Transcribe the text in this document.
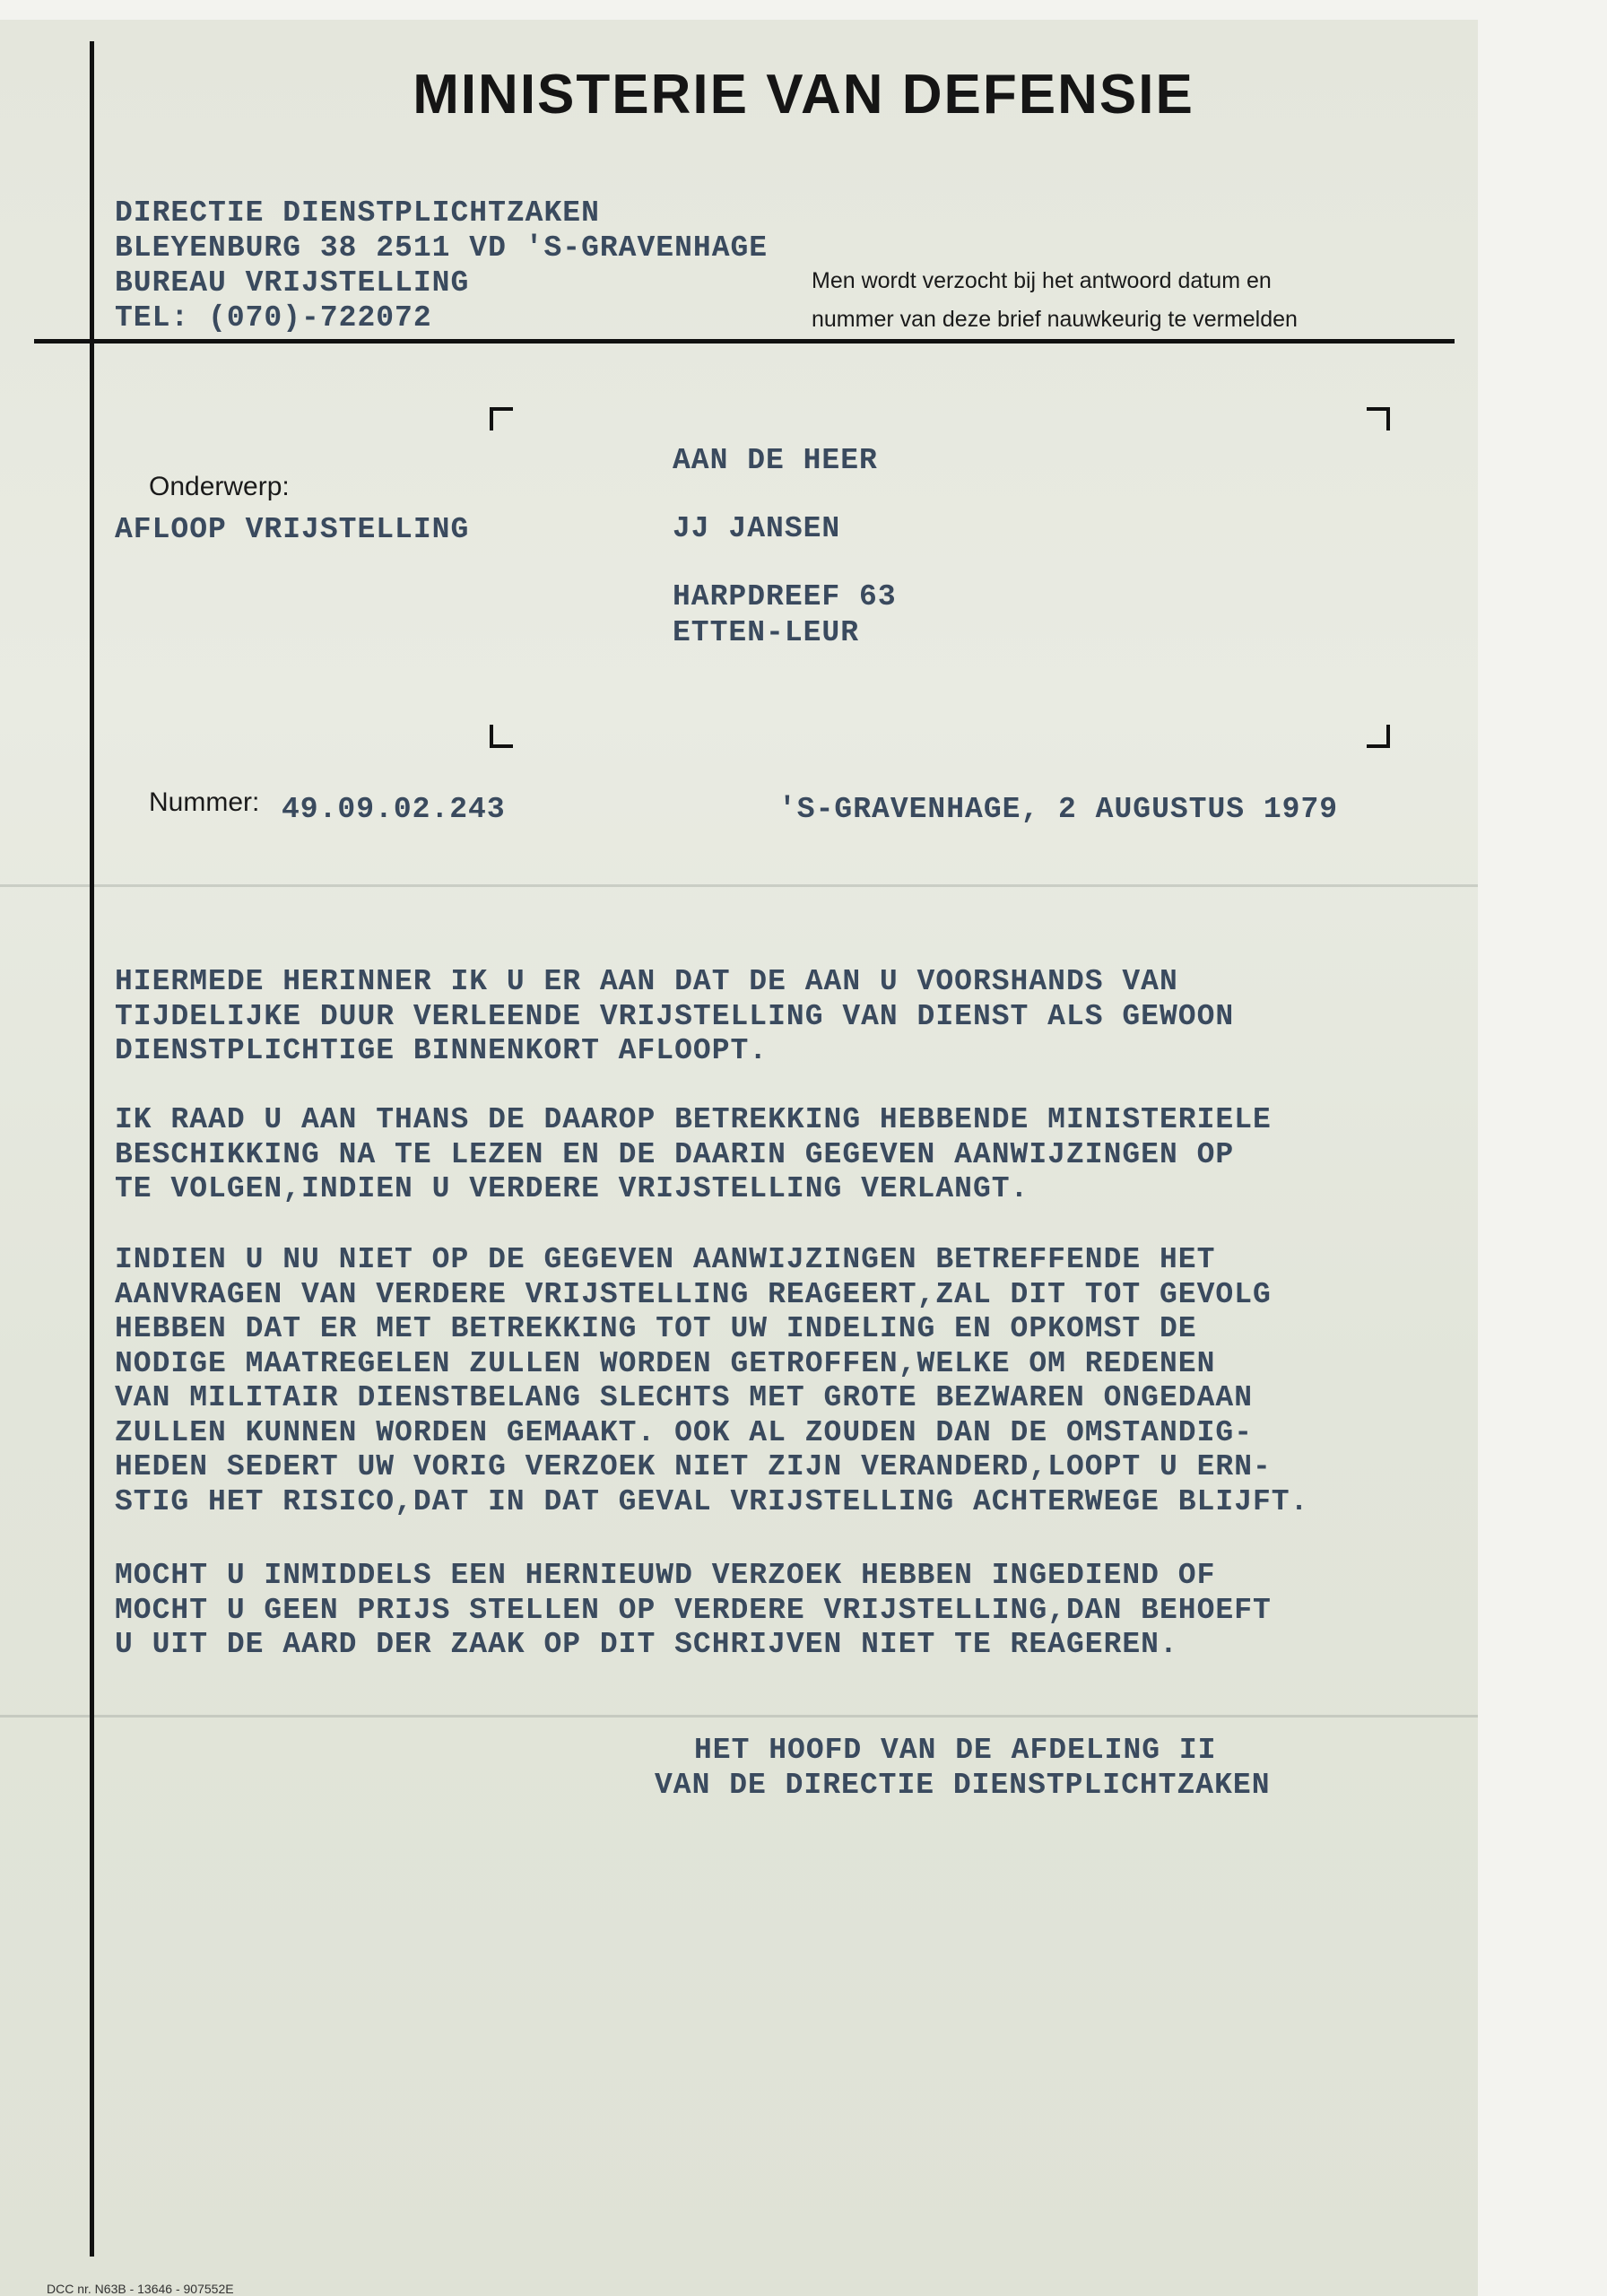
MINISTERIE VAN DEFENSIE
DIRECTIE DIENSTPLICHTZAKEN
BLEYENBURG 38 2511 VD 'S-GRAVENHAGE
BUREAU VRIJSTELLING
TEL: (070)-722072
Men wordt verzocht bij het antwoord datum en
nummer van deze brief nauwkeurig te vermelden
Onderwerp:
AFLOOP VRIJSTELLING
AAN DE HEER
JJ JANSEN
HARPDREEF 63
ETTEN-LEUR
Nummer: 49.09.02.243	'S-GRAVENHAGE, 2 AUGUSTUS 1979
HIERMEDE HERINNER IK U ER AAN DAT DE AAN U VOORSHANDS VAN
TIJDELIJKE DUUR VERLEENDE VRIJSTELLING VAN DIENST ALS GEWOON
DIENSTPLICHTIGE BINNENKORT AFLOOPT.
IK RAAD U AAN THANS DE DAAROP BETREKKING HEBBENDE MINISTERIELE
BESCHIKKING NA TE LEZEN EN DE DAARIN GEGEVEN AANWIJZINGEN OP
TE VOLGEN,INDIEN U VERDERE VRIJSTELLING VERLANGT.
INDIEN U NU NIET OP DE GEGEVEN AANWIJZINGEN BETREFFENDE HET
AANVRAGEN VAN VERDERE VRIJSTELLING REAGEERT,ZAL DIT TOT GEVOLG
HEBBEN DAT ER MET BETREKKING TOT UW INDELING EN OPKOMST DE
NODIGE MAATREGELEN ZULLEN WORDEN GETROFFEN,WELKE OM REDENEN
VAN MILITAIR DIENSTBELANG SLECHTS MET GROTE BEZWAREN ONGEDAAN
ZULLEN KUNNEN WORDEN GEMAAKT. OOK AL ZOUDEN DAN DE OMSTANDIG-
HEDEN SEDERT UW VORIG VERZOEK NIET ZIJN VERANDERD,LOOPT U ERN-
STIG HET RISICO,DAT IN DAT GEVAL VRIJSTELLING ACHTERWEGE BLIJFT.
MOCHT U INMIDDELS EEN HERNIEUWD VERZOEK HEBBEN INGEDIEND OF
MOCHT U GEEN PRIJS STELLEN OP VERDERE VRIJSTELLING,DAN BEHOEFT
U UIT DE AARD DER ZAAK OP DIT SCHRIJVEN NIET TE REAGEREN.
HET HOOFD VAN DE AFDELING II
VAN DE DIRECTIE DIENSTPLICHTZAKEN
DCC nr. N63B - 13646 - 907552E
